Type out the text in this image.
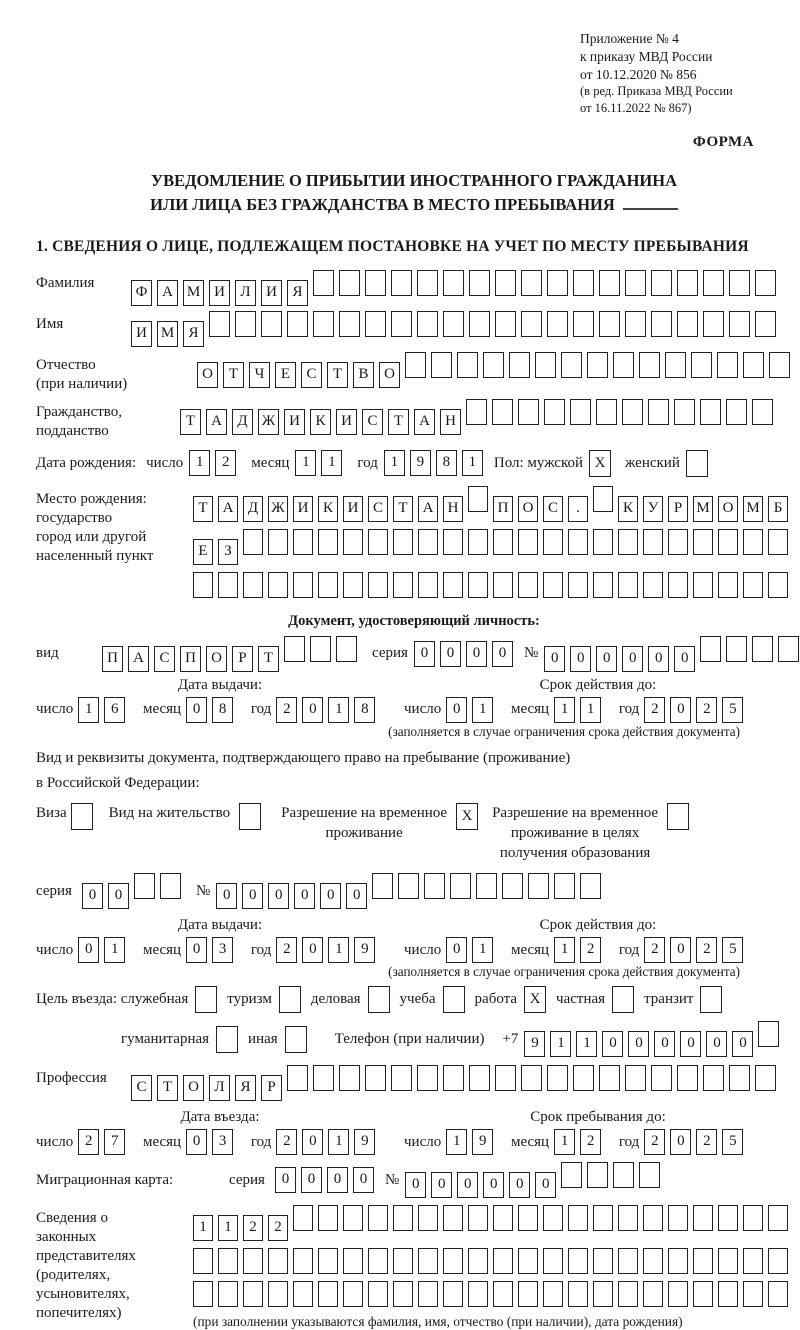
Приложение № 4
к приказу МВД России
от 10.12.2020 № 856
(в ред. Приказа МВД России
от 16.11.2022 № 867)
ФОРМА
УВЕДОМЛЕНИЕ О ПРИБЫТИИ ИНОСТРАННОГО ГРАЖДАНИНА
ИЛИ ЛИЦА БЕЗ ГРАЖДАНСТВА В МЕСТО ПРЕБЫВАНИЯ
1. СВЕДЕНИЯ О ЛИЦЕ, ПОДЛЕЖАЩЕМ ПОСТАНОВКЕ НА УЧЕТ ПО МЕСТУ ПРЕБЫВАНИЯ
Фамилия
Ф А М И Л И Я
Имя
И М Я
Отчество
(при наличии)
О Т Ч Е С Т В О
Гражданство,
подданство
Т А Д Ж И К И С Т А Н
Дата рождения: число 1 2	месяц 1 1	год 1 9 8 1	Пол: мужской X	женский
Место рождения:
государство
город или другой
населенный пункт
Т А Д Ж И К И С Т А Н	П О С .	К У Р М О М Б
Е З
Документ, удостоверяющий личность:
вид	П А С П О Р Т	серия 0 0 0 0	№ 0 0 0 0 0 0
Дата выдачи:
число 1 6 месяц 0 8 год 2 0 1 8
Срок действия до:
число 0 1 месяц 1 1 год 2 0 2 5
(заполняется в случае ограничения срока действия документа)
Вид и реквизиты документа, подтверждающего право на пребывание (проживание)
в Российской Федерации:
Виза	Вид на жительство	Разрешение на временное
проживание
X	Разрешение на временное
проживание в целях
получения образования
серия	0 0	№ 0 0 0 0 0 0
Дата выдачи:
число 0 1 месяц 0 3 год 2 0 1 9
Срок действия до:
число 0 1 месяц 1 2 год 2 0 2 5
(заполняется в случае ограничения срока действия документа)
Цель въезда: служебная	туризм	деловая	учеба	работа X	частная	транзит
гуманитарная	иная	Телефон (при наличии) +7 9 1 1 0 0 0 0 0 0
Профессия
С Т О Л Я Р
Дата въезда:
число 2 7 месяц 0 3 год 2 0 1 9
Срок пребывания до:
число 1 9 месяц 1 2 год 2 0 2 5
Миграционная карта:	серия	0 0 0 0	№ 0 0 0 0 0 0
Сведения о
законных
представителях
(родителях,
усыновителях,
попечителях)
1 1 2 2
(при заполнении указываются фамилия, имя, отчество (при наличии), дата рождения)
